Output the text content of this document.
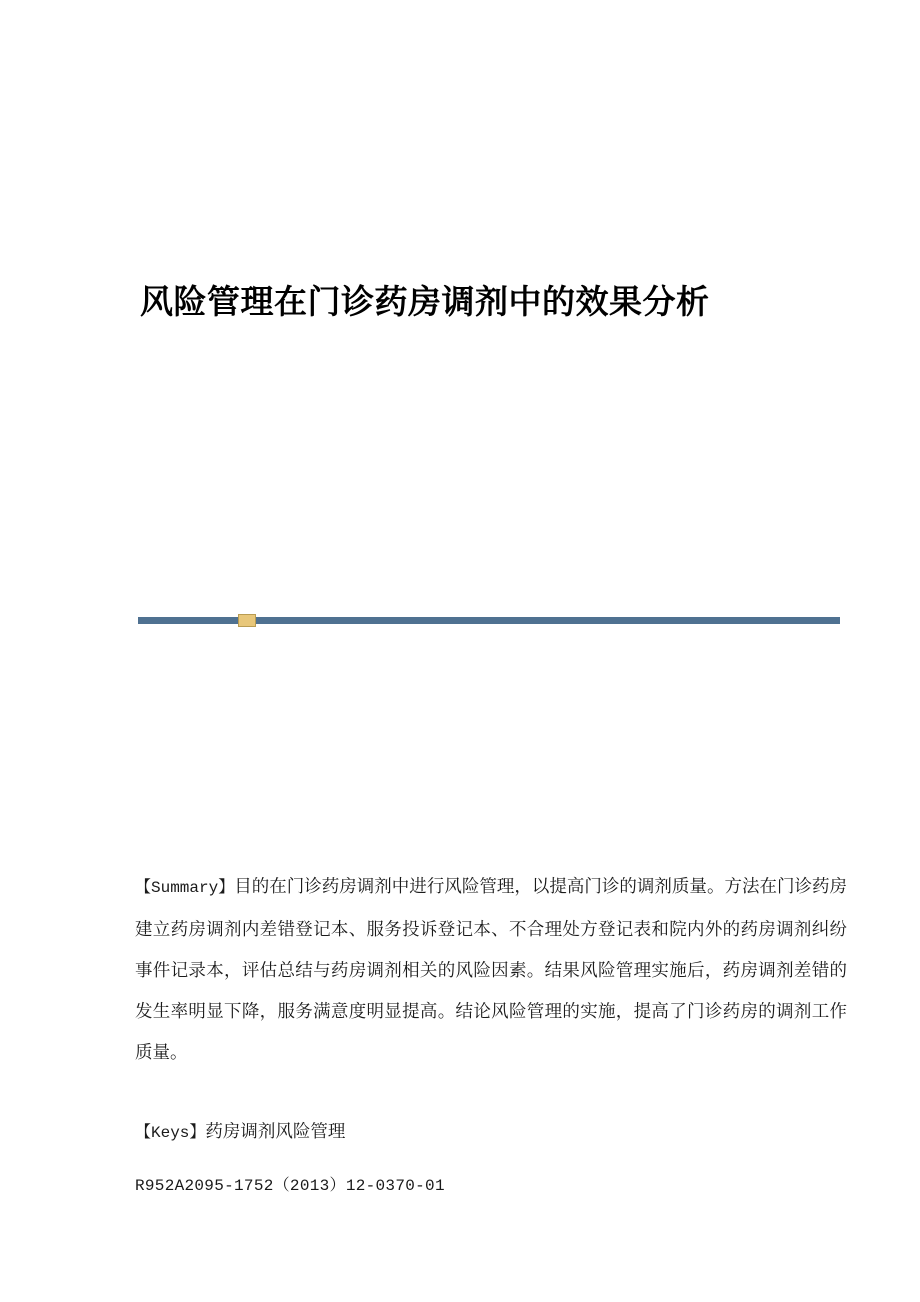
风险管理在门诊药房调剂中的效果分析

【Summary】目的在门诊药房调剂中进行风险管理，以提高门诊的调剂质量。方法在门诊药房建立药房调剂内差错登记本、服务投诉登记本、不合理处方登记表和院内外的药房调剂纠纷事件记录本，评估总结与药房调剂相关的风险因素。结果风险管理实施后，药房调剂差错的发生率明显下降，服务满意度明显提高。结论风险管理的实施，提高了门诊药房的调剂工作质量。

【Keys】药房调剂风险管理

R952A2095-1752（2013）12-0370-01
